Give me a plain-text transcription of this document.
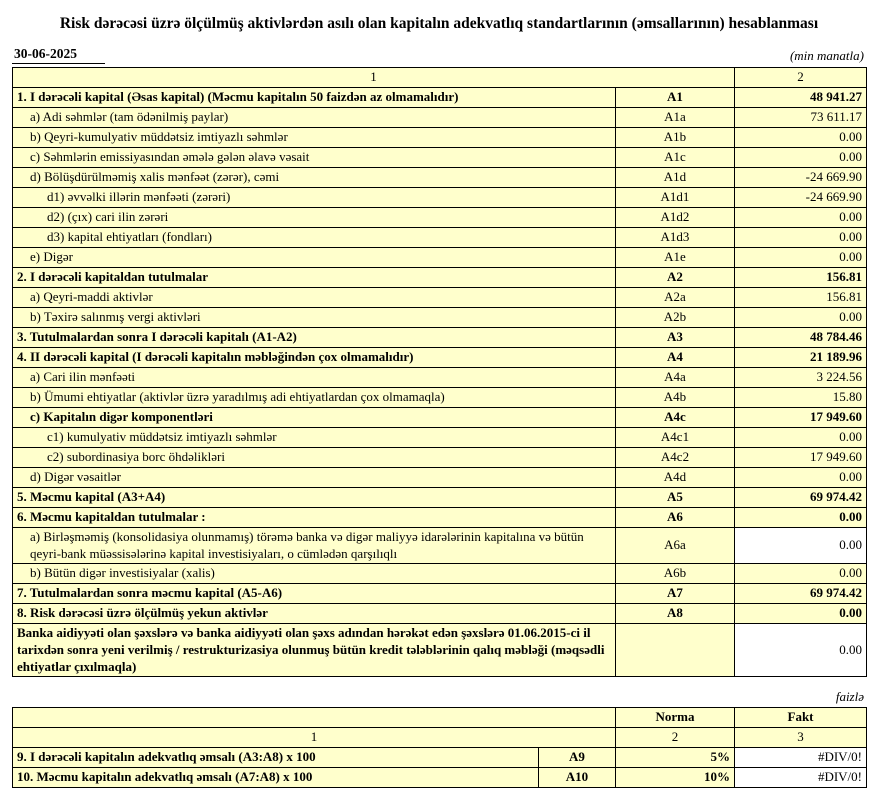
Risk dərəcəsi üzrə ölçülmüş aktivlərdən asılı olan kapitalın adekvatlıq standartlarının (əmsallarının) hesablanması
30-06-2025	(min manatla)
1		2
1. I dərəcəli kapital (Əsas kapital) (Məcmu kapitalın 50 faizdən az olmamalıdır)	A1	48 941.27
a) Adi səhmlər (tam ödənilmiş paylar)	A1a	73 611.17
b) Qeyri-kumulyativ müddətsiz imtiyazlı səhmlər	A1b	0.00
c) Səhmlərin emissiyasından əmələ gələn əlavə vəsait	A1c	0.00
d) Bölüşdürülməmiş xalis mənfəət (zərər), cəmi	A1d	-24 669.90
d1) əvvəlki illərin mənfəəti (zərəri)	A1d1	-24 669.90
d2) (çıx) cari ilin zərəri	A1d2	0.00
d3) kapital ehtiyatları (fondları)	A1d3	0.00
e) Digər	A1e	0.00
2. I dərəcəli kapitaldan tutulmalar	A2	156.81
a) Qeyri-maddi aktivlər	A2a	156.81
b) Təxirə salınmış vergi aktivləri	A2b	0.00
3. Tutulmalardan sonra I dərəcəli kapitalı (A1-A2)	A3	48 784.46
4. II dərəcəli kapital (I dərəcəli kapitalın məbləğindən çox olmamalıdır)	A4	21 189.96
a) Cari ilin mənfəəti	A4a	3 224.56
b) Ümumi ehtiyatlar (aktivlər üzrə yaradılmış adi ehtiyatlardan çox olmamaqla)	A4b	15.80
c) Kapitalın digər komponentləri	A4c	17 949.60
c1) kumulyativ müddətsiz imtiyazlı səhmlər	A4c1	0.00
c2) subordinasiya borc öhdəlikləri	A4c2	17 949.60
d) Digər vəsaitlər	A4d	0.00
5. Məcmu kapital (A3+A4)	A5	69 974.42
6. Məcmu kapitaldan tutulmalar :	A6	0.00
a) Birləşməmiş (konsolidasiya olunmamış) törəmə banka və digər maliyyə idarələrinin kapitalına və bütün qeyri-bank müəssisələrinə kapital investisiyaları, o cümlədən qarşılıqlı	A6a	0.00
b) Bütün digər investisiyalar (xalis)	A6b	0.00
7. Tutulmalardan sonra məcmu kapital (A5-A6)	A7	69 974.42
8. Risk dərəcəsi üzrə ölçülmüş yekun aktivlər	A8	0.00
Banka aidiyyəti olan şəxslərə və banka aidiyyəti olan şəxs adından hərəkət edən şəxslərə 01.06.2015-ci il tarixdən sonra yeni verilmiş / restrukturizasiya olunmuş bütün kredit tələblərinin qalıq məbləği (məqsədli ehtiyatlar çıxılmaqla)		0.00
faizlə
		Norma	Fakt
1		2	3
9. I dərəcəli kapitalın adekvatlıq əmsalı (A3:A8) x 100	A9	5%	#DIV/0!
10. Məcmu kapitalın adekvatlıq əmsalı (A7:A8) x 100	A10	10%	#DIV/0!
